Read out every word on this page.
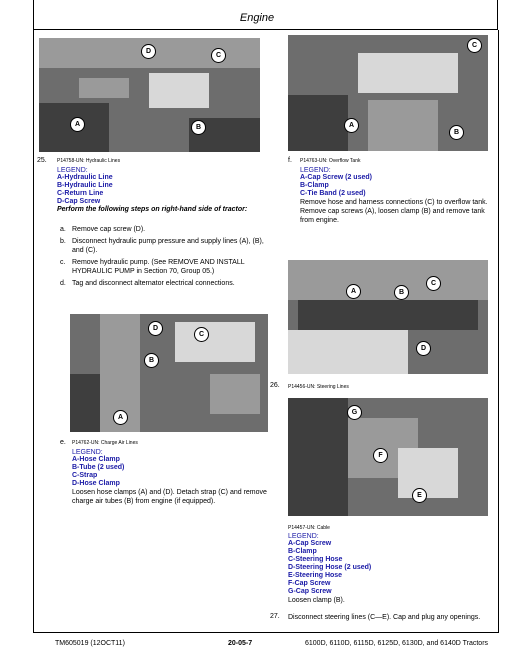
Engine
D
C
A	B
25. P14758-UN: Hydraulic Lines
LEGEND:
A-Hydraulic Line
B-Hydraulic Line
C-Return Line
D-Cap Screw
Perform the following steps on right-hand side of tractor:
a. Remove cap screw (D).
b. Disconnect hydraulic pump pressure and supply lines (A), (B), and (C).
c. Remove hydraulic pump. (See REMOVE AND INSTALL HYDRAULIC PUMP in Section 70, Group 05.)
d. Tag and disconnect alternator electrical connections.
D
C
B
A
e. P14762-UN: Charge Air Lines
LEGEND:
A-Hose Clamp
B-Tube (2 used)
C-Strap
D-Hose Clamp
Loosen hose clamps (A) and (D). Detach strap (C) and remove charge air tubes (B) from engine (if equipped).
C
A
B
f. P14763-UN: Overflow Tank
LEGEND:
A-Cap Screw (2 used)
B-Clamp
C-Tie Band (2 used)
Remove hose and harness connections (C) to overflow tank. Remove cap screws (A), loosen clamp (B) and remove tank from engine.
A	B
C
D
26. P14456-UN: Steering Lines
G
F
E
P14457-UN: Cable
LEGEND:
A-Cap Screw
B-Clamp
C-Steering Hose
D-Steering Hose (2 used)
E-Steering Hose
F-Cap Screw
G-Cap Screw
Loosen clamp (B).
27. Disconnect steering lines (C—E). Cap and plug any openings.
TM605019 (12OCT11)	20-05-7	6100D, 6110D, 6115D, 6125D, 6130D, and 6140D Tractors
